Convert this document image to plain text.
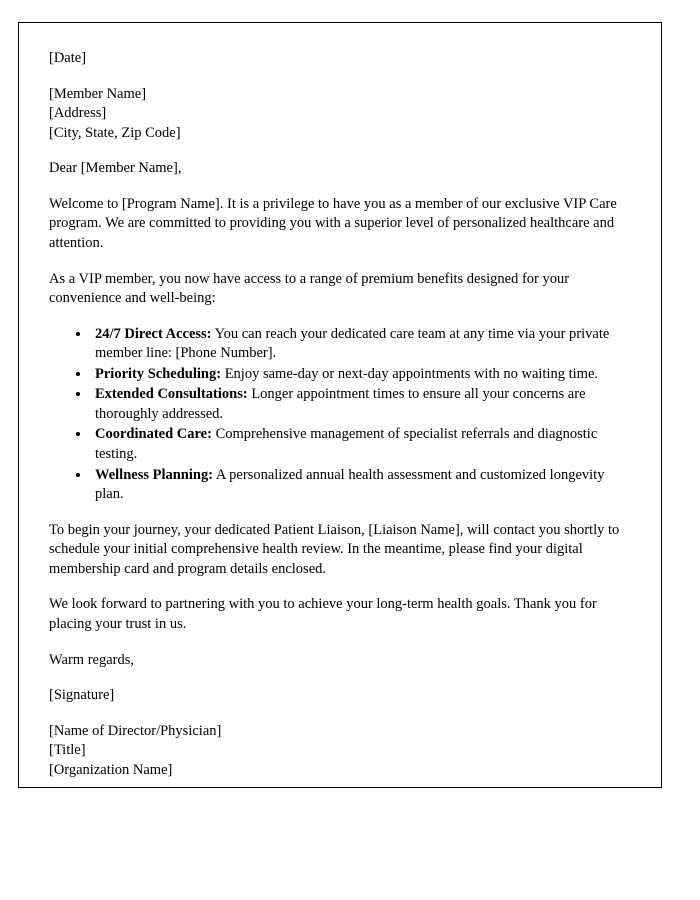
[Date]
[Member Name]
[Address]
[City, State, Zip Code]
Dear [Member Name],
Welcome to [Program Name]. It is a privilege to have you as a member of our exclusive VIP Care program. We are committed to providing you with a superior level of personalized healthcare and attention.
As a VIP member, you now have access to a range of premium benefits designed for your convenience and well-being:
• 24/7 Direct Access: You can reach your dedicated care team at any time via your private member line: [Phone Number].
• Priority Scheduling: Enjoy same-day or next-day appointments with no waiting time.
• Extended Consultations: Longer appointment times to ensure all your concerns are thoroughly addressed.
• Coordinated Care: Comprehensive management of specialist referrals and diagnostic testing.
• Wellness Planning: A personalized annual health assessment and customized longevity plan.
To begin your journey, your dedicated Patient Liaison, [Liaison Name], will contact you shortly to schedule your initial comprehensive health review. In the meantime, please find your digital membership card and program details enclosed.
We look forward to partnering with you to achieve your long-term health goals. Thank you for placing your trust in us.
Warm regards,
[Signature]
[Name of Director/Physician]
[Title]
[Organization Name]
